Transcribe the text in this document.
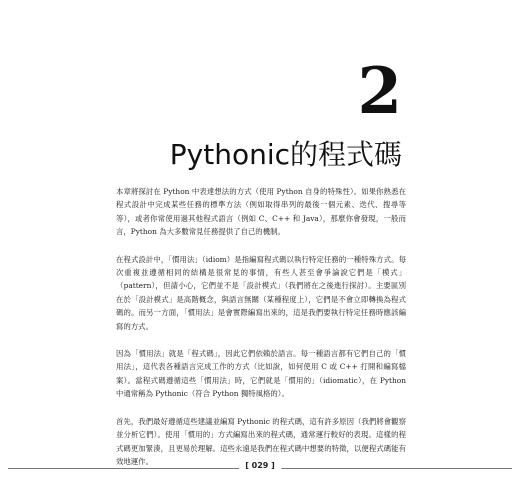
2
Pythonic的程式碼

本章將探討在 Python 中表達想法的方式（使用 Python 自身的特殊性）。如果你熟悉在程式設計中完成某些任務的標準方法（例如取得串列的最後一個元素、迭代、搜尋等等），或者你常使用過其他程式語言（例如 C、C++ 和 Java），那麼你會發現，一般而言，Python 為大多數常見任務提供了自己的機制。

在程式設計中，「慣用法」（idiom）是指編寫程式碼以執行特定任務的一種特殊方式。每次重複並遵循相同的結構是很常見的事情，有些人甚至會爭論說它們是「模式」（pattern），但請小心，它們並不是「設計模式」（我們將在之後進行探討）。主要區別在於「設計模式」是高階概念，與語言無關（某種程度上），它們是不會立即轉換為程式碼的。而另一方面，「慣用法」是會實際編寫出來的，這是我們要執行特定任務時應該編寫的方式。

因為「慣用法」就是「程式碼」，因此它們依賴於語言。每一種語言都有它們自己的「慣用法」，這代表各種語言完成工作的方式（比如說，如何使用 C 或 C++ 打開和編寫檔案）。當程式碼遵循這些「慣用法」時，它們就是「慣用的」（idiomatic），在 Python 中通常稱為 Pythonic（符合 Python 獨特風格的）。

首先，我們最好遵循這些建議並編寫 Pythonic 的程式碼，這有許多原因（我們將會觀察並分析它們）。使用「慣用的」方式編寫出來的程式碼，通常運行較好的表現。這樣的程式碼更加緊湊，且更易於理解。這些永遠是我們在程式碼中想要的特徵，以便程式碼能有效地運作。	[ 029 ]
